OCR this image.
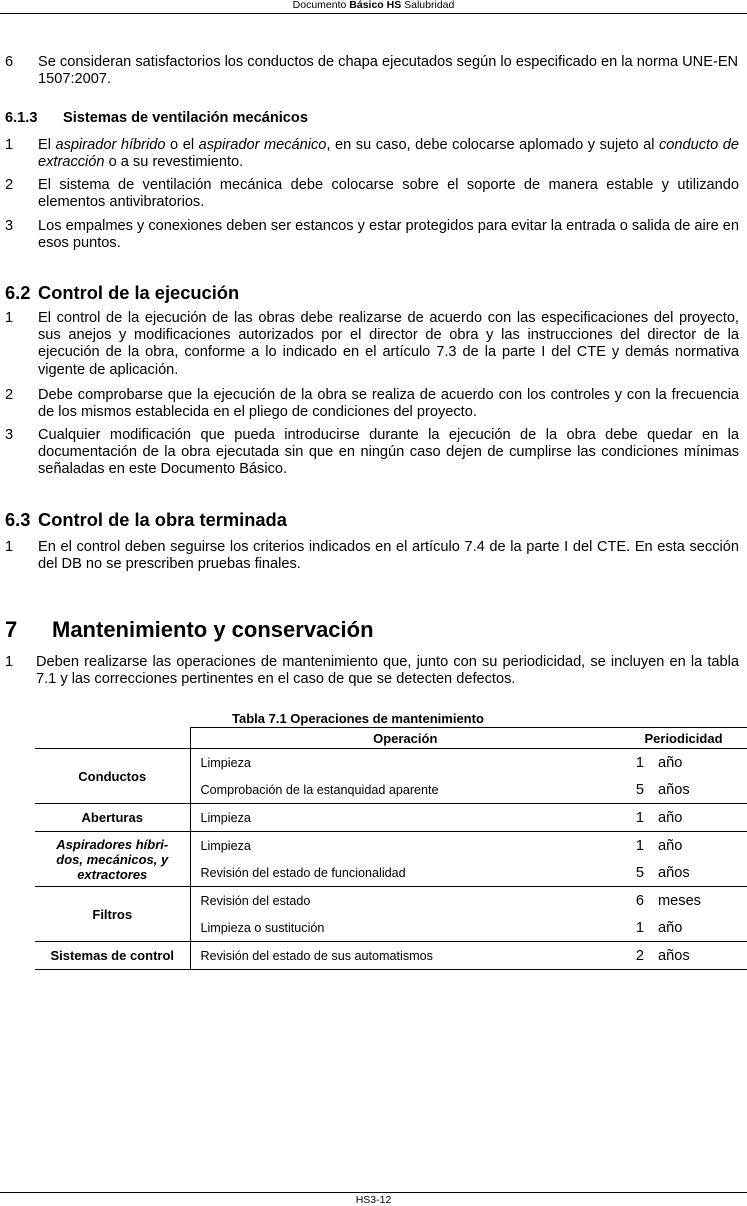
Documento Básico HS Salubridad
6 Se consideran satisfactorios los conductos de chapa ejecutados según lo especificado en la norma UNE-EN 1507:2007.
6.1.3 Sistemas de ventilación mecánicos
1 El aspirador híbrido o el aspirador mecánico, en su caso, debe colocarse aplomado y sujeto al conducto de extracción o a su revestimiento.
2 El sistema de ventilación mecánica debe colocarse sobre el soporte de manera estable y utilizando elementos antivibratorios.
3 Los empalmes y conexiones deben ser estancos y estar protegidos para evitar la entrada o salida de aire en esos puntos.
6.2 Control de la ejecución
1 El control de la ejecución de las obras debe realizarse de acuerdo con las especificaciones del proyecto, sus anejos y modificaciones autorizados por el director de obra y las instrucciones del director de la ejecución de la obra, conforme a lo indicado en el artículo 7.3 de la parte I del CTE y demás normativa vigente de aplicación.
2 Debe comprobarse que la ejecución de la obra se realiza de acuerdo con los controles y con la frecuencia de los mismos establecida en el pliego de condiciones del proyecto.
3 Cualquier modificación que pueda introducirse durante la ejecución de la obra debe quedar en la documentación de la obra ejecutada sin que en ningún caso dejen de cumplirse las condiciones mínimas señaladas en este Documento Básico.
6.3 Control de la obra terminada
1 En el control deben seguirse los criterios indicados en el artículo 7.4 de la parte I del CTE. En esta sección del DB no se prescriben pruebas finales.
7 Mantenimiento y conservación
1 Deben realizarse las operaciones de mantenimiento que, junto con su periodicidad, se incluyen en la tabla 7.1 y las correcciones pertinentes en el caso de que se detecten defectos.
Tabla 7.1 Operaciones de mantenimiento
	Operación	Periodicidad
Conductos	Limpieza	1 año
	Comprobación de la estanquidad aparente	5 años
Aberturas	Limpieza	1 año
Aspiradores híbri-
dos, mecánicos, y
extractores	Limpieza	1 año
	Revisión del estado de funcionalidad	5 años
Filtros	Revisión del estado	6 meses
	Limpieza o sustitución	1 año
Sistemas de control	Revisión del estado de sus automatismos	2 años
HS3-12
